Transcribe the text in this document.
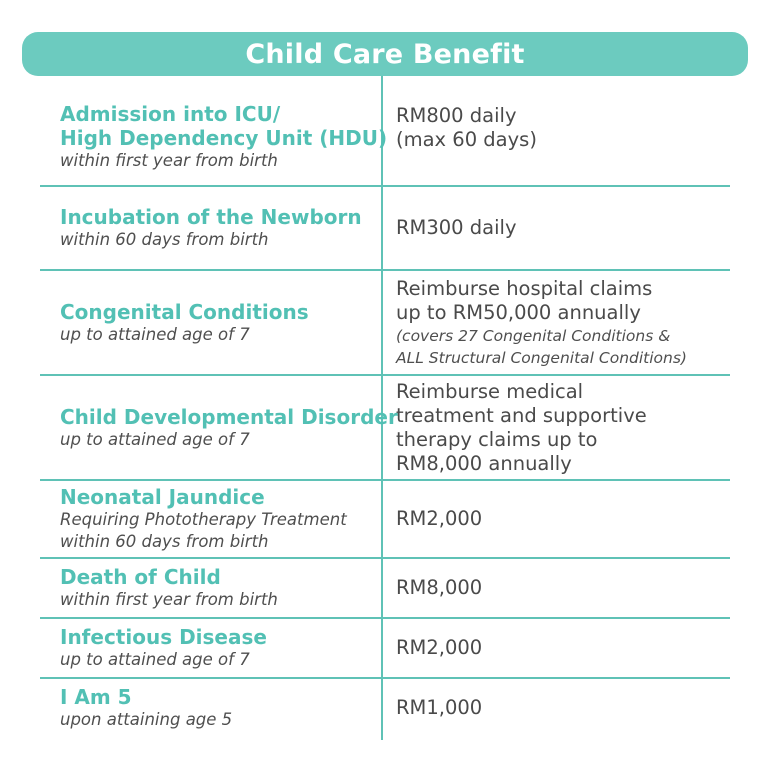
Child Care Benefit
Admission into ICU/
High Dependency Unit (HDU)
within first year from birth
RM800 daily
(max 60 days)
Incubation of the Newborn
within 60 days from birth
RM300 daily
Congenital Conditions
up to attained age of 7
Reimburse hospital claims
up to RM50,000 annually
(covers 27 Congenital Conditions &
ALL Structural Congenital Conditions)
Child Developmental Disorder
up to attained age of 7
Reimburse medical
treatment and supportive
therapy claims up to
RM8,000 annually
Neonatal Jaundice
Requiring Phototherapy Treatment
within 60 days from birth
RM2,000
Death of Child
within first year from birth
RM8,000
Infectious Disease
up to attained age of 7
RM2,000
I Am 5
upon attaining age 5
RM1,000
